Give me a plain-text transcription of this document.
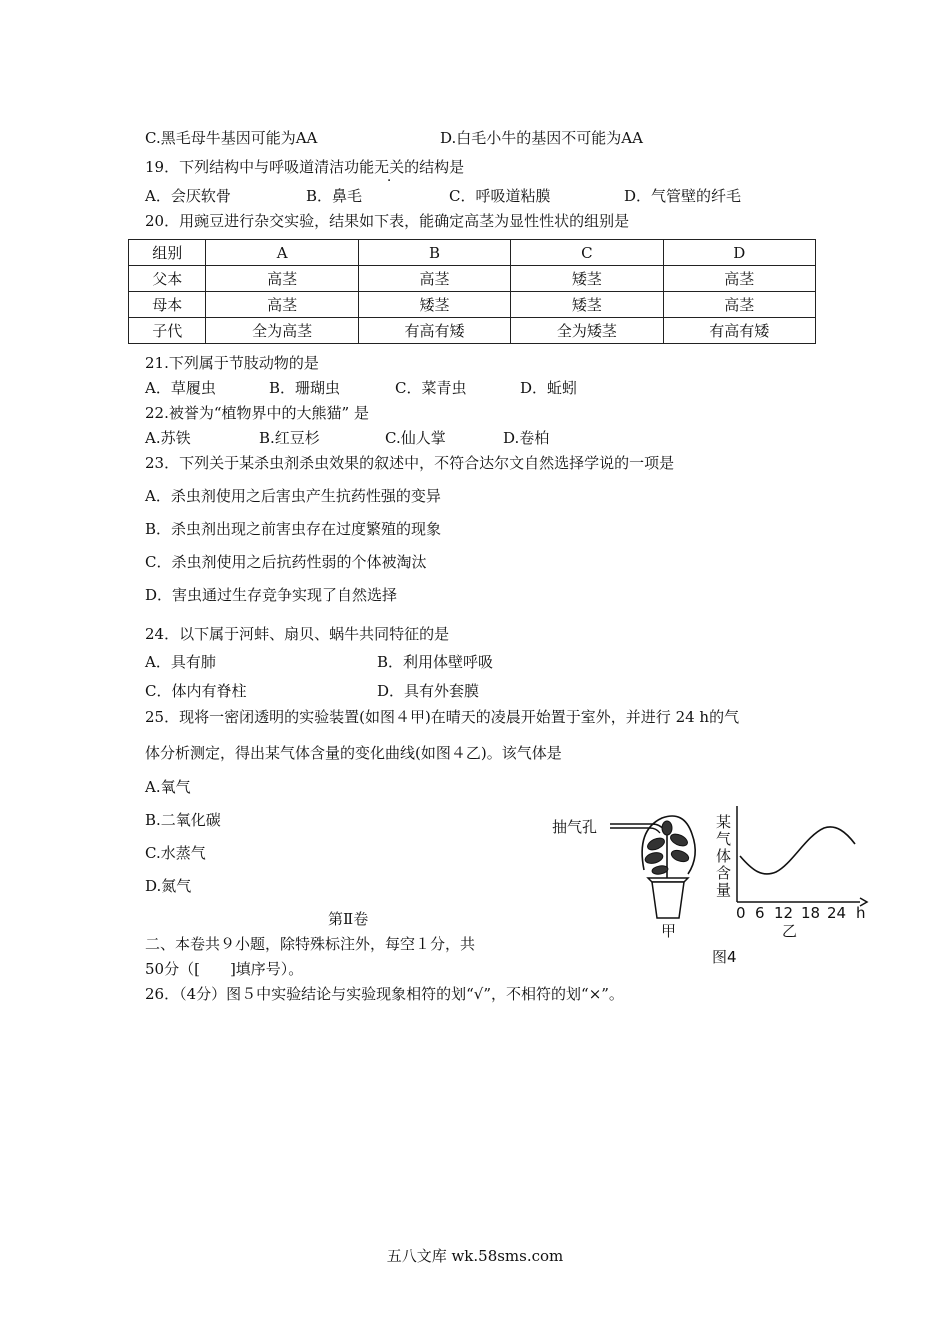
C.黑毛母牛基因可能为AA	D.白毛小牛的基因不可能为AA
19．下列结构中与呼吸道清洁功能无关的结构是
A．会厌软骨	B．鼻毛	C．呼吸道粘膜	D．气管壁的纤毛
20．用豌豆进行杂交实验，结果如下表，能确定高茎为显性性状的组别是
组别	A	B	C	D
父本	高茎	高茎	矮茎	高茎
母本	高茎	矮茎	矮茎	高茎
子代	全为高茎	有高有矮	全为矮茎	有高有矮
21.下列属于节肢动物的是
A．草履虫	B．珊瑚虫	C．菜青虫	D．蚯蚓
22.被誉为“植物界中的大熊猫” 是
A.苏铁	B.红豆杉	C.仙人掌	D.卷柏
23．下列关于某杀虫剂杀虫效果的叙述中，不符合达尔文自然选择学说的一项是
A．杀虫剂使用之后害虫产生抗药性强的变异
B．杀虫剂出现之前害虫存在过度繁殖的现象
C．杀虫剂使用之后抗药性弱的个体被淘汰
D．害虫通过生存竞争实现了自然选择
24．以下属于河蚌、扇贝、蜗牛共同特征的是
A．具有肺	B．利用体壁呼吸
C．体内有脊柱	D．具有外套膜
25．现将一密闭透明的实验装置(如图４甲)在晴天的凌晨开始置于室外，并进行 24 h的气
体分析测定，得出某气体含量的变化曲线(如图４乙)。该气体是
A.氧气
B.二氧化碳
C.水蒸气
D.氮气
抽气孔	某
气
体
含
量
0 6 12 18 24 h
甲	乙
图4
第Ⅱ卷
二、本卷共９小题，除特殊标注外，每空１分，共
50分（[　　]填序号）。
26．（4分）图５中实验结论与实验现象相符的划“√”，不相符的划“×”。
五八文库 wk.58sms.com
